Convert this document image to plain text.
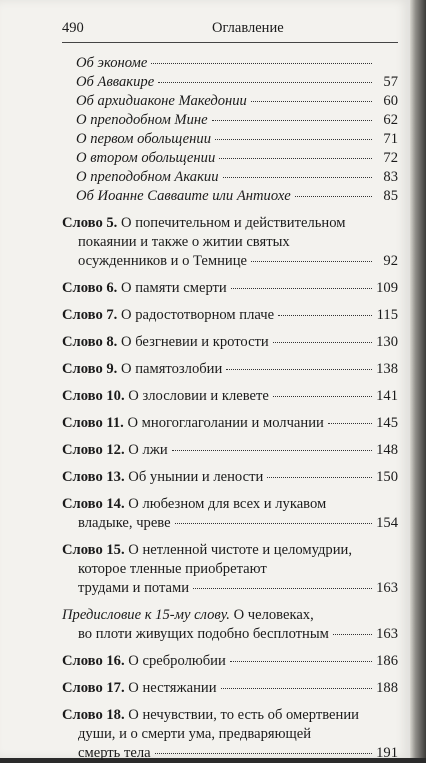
490	Оглавление
Об экономе
Об Аввакире	57
Об архидиаконе Македонии	60
О преподобном Мине	62
О первом обольщении	71
О втором обольщении	72
О преподобном Акакии	83
Об Иоанне Савваите или Антиохе	85
Слово 5. О попечительном и действительном
покаянии и также о житии святых
осужденников и о Темнице	92
Слово 6. О памяти смерти	109
Слово 7. О радостотворном плаче	115
Слово 8. О безгневии и кротости	130
Слово 9. О памятозлобии	138
Слово 10. О злословии и клевете	141
Слово 11. О многоглаголании и молчании	145
Слово 12. О лжи	148
Слово 13. Об унынии и лености	150
Слово 14. О любезном для всех и лукавом
владыке, чреве	154
Слово 15. О нетленной чистоте и целомудрии,
которое тленные приобретают
трудами и потами	163
Предисловие к 15-му слову. О человеках,
во плоти живущих подобно бесплотным	163
Слово 16. О сребролюбии	186
Слово 17. О нестяжании	188
Слово 18. О нечувствии, то есть об омертвении
души, и о смерти ума, предваряющей
смерть тела	191
